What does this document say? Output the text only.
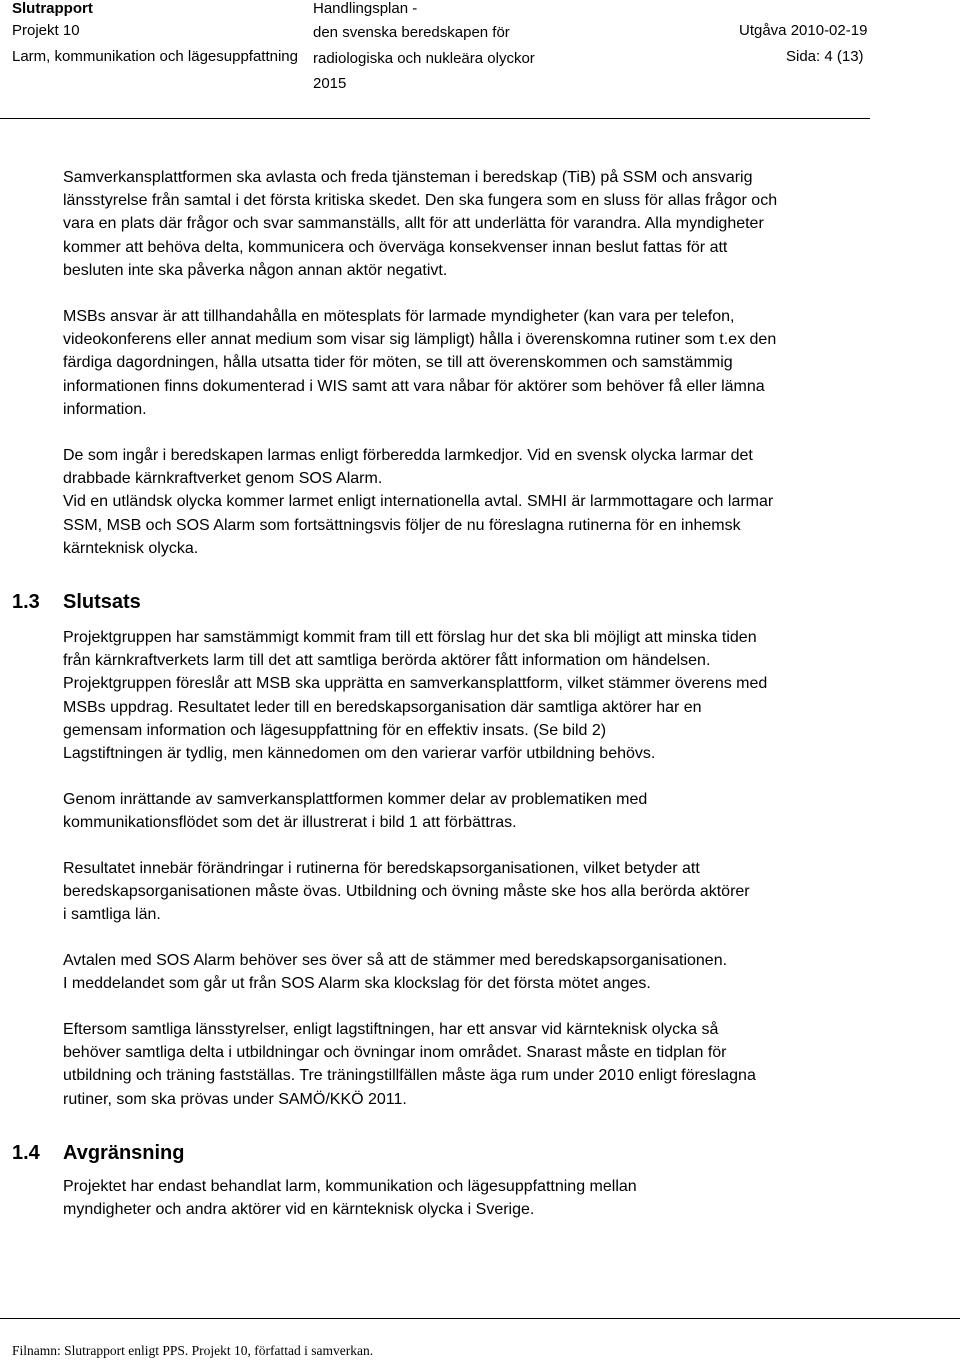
Slutrapport
Projekt 10
Larm, kommunikation och lägesuppfattning
Handlingsplan -
den svenska beredskapen för
radiologiska och nukleära olyckor
2015
Utgåva 2010-02-19
Sida: 4 (13)
Samverkansplattformen ska avlasta och freda tjänsteman i beredskap (TiB) på SSM och ansvarig
länsstyrelse från samtal i det första kritiska skedet. Den ska fungera som en sluss för allas frågor och
vara en plats där frågor och svar sammanställs, allt för att underlätta för varandra. Alla myndigheter
kommer att behöva delta, kommunicera och överväga konsekvenser innan beslut fattas för att
besluten inte ska påverka någon annan aktör negativt.
MSBs ansvar är att tillhandahålla en mötesplats för larmade myndigheter (kan vara per telefon,
videokonferens eller annat medium som visar sig lämpligt) hålla i överenskomna rutiner som t.ex den
färdiga dagordningen, hålla utsatta tider för möten, se till att överenskommen och samstämmig
informationen finns dokumenterad i WIS samt att vara nåbar för aktörer som behöver få eller lämna
information.
De som ingår i beredskapen larmas enligt förberedda larmkedjor. Vid en svensk olycka larmar det
drabbade kärnkraftverket genom SOS Alarm.
Vid en utländsk olycka kommer larmet enligt internationella avtal. SMHI är larmmottagare och larmar
SSM, MSB och SOS Alarm som fortsättningsvis följer de nu föreslagna rutinerna för en inhemsk
kärnteknisk olycka.
1.3 Slutsats
Projektgruppen har samstämmigt kommit fram till ett förslag hur det ska bli möjligt att minska tiden
från kärnkraftverkets larm till det att samtliga berörda aktörer fått information om händelsen.
Projektgruppen föreslår att MSB ska upprätta en samverkansplattform, vilket stämmer överens med
MSBs uppdrag. Resultatet leder till en beredskapsorganisation där samtliga aktörer har en
gemensam information och lägesuppfattning för en effektiv insats. (Se bild 2)
Lagstiftningen är tydlig, men kännedomen om den varierar varför utbildning behövs.
Genom inrättande av samverkansplattformen kommer delar av problematiken med
kommunikationsflödet som det är illustrerat i bild 1 att förbättras.
Resultatet innebär förändringar i rutinerna för beredskapsorganisationen, vilket betyder att
beredskapsorganisationen måste övas. Utbildning och övning måste ske hos alla berörda aktörer
i samtliga län.
Avtalen med SOS Alarm behöver ses över så att de stämmer med beredskapsorganisationen.
I meddelandet som går ut från SOS Alarm ska klockslag för det första mötet anges.
Eftersom samtliga länsstyrelser, enligt lagstiftningen, har ett ansvar vid kärnteknisk olycka så
behöver samtliga delta i utbildningar och övningar inom området. Snarast måste en tidplan för
utbildning och träning fastställas. Tre träningstillfällen måste äga rum under 2010 enligt föreslagna
rutiner, som ska prövas under SAMÖ/KKÖ 2011.
1.4 Avgränsning
Projektet har endast behandlat larm, kommunikation och lägesuppfattning mellan
myndigheter och andra aktörer vid en kärnteknisk olycka i Sverige.
Filnamn: Slutrapport enligt PPS. Projekt 10, författad i samverkan.
